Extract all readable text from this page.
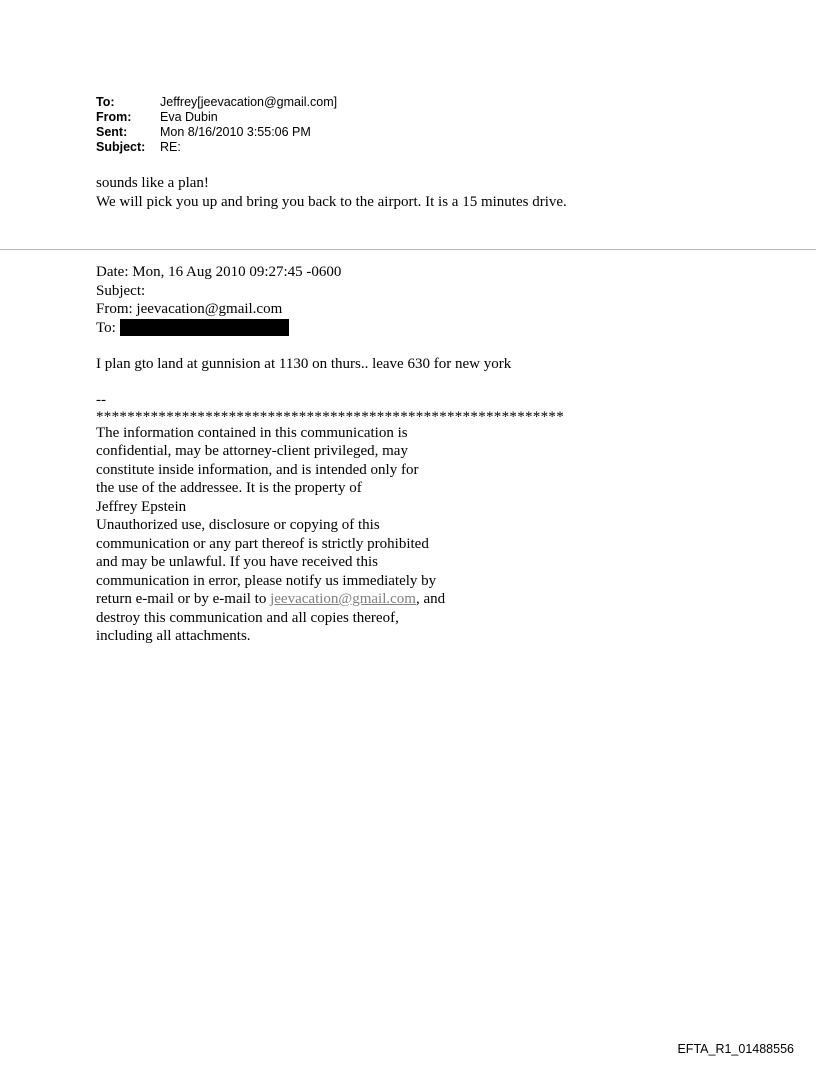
To:	Jeffrey[jeevacation@gmail.com]
From:	Eva Dubin
Sent:	Mon 8/16/2010 3:55:06 PM
Subject:	RE:
sounds like a plan!
We will pick you up and bring you back to the airport. It is a 15 minutes drive.
Date: Mon, 16 Aug 2010 09:27:45 -0600
Subject:
From: jeevacation@gmail.com
To:
I plan gto land at gunnision at 1130 on thurs.. leave 630 for new york
--
************************************************************
The information contained in this communication is
confidential, may be attorney-client privileged, may
constitute inside information, and is intended only for
the use of the addressee. It is the property of
Jeffrey Epstein
Unauthorized use, disclosure or copying of this
communication or any part thereof is strictly prohibited
and may be unlawful. If you have received this
communication in error, please notify us immediately by
return e-mail or by e-mail to jeevacation@gmail.com, and
destroy this communication and all copies thereof,
including all attachments.
EFTA_R1_01488556
